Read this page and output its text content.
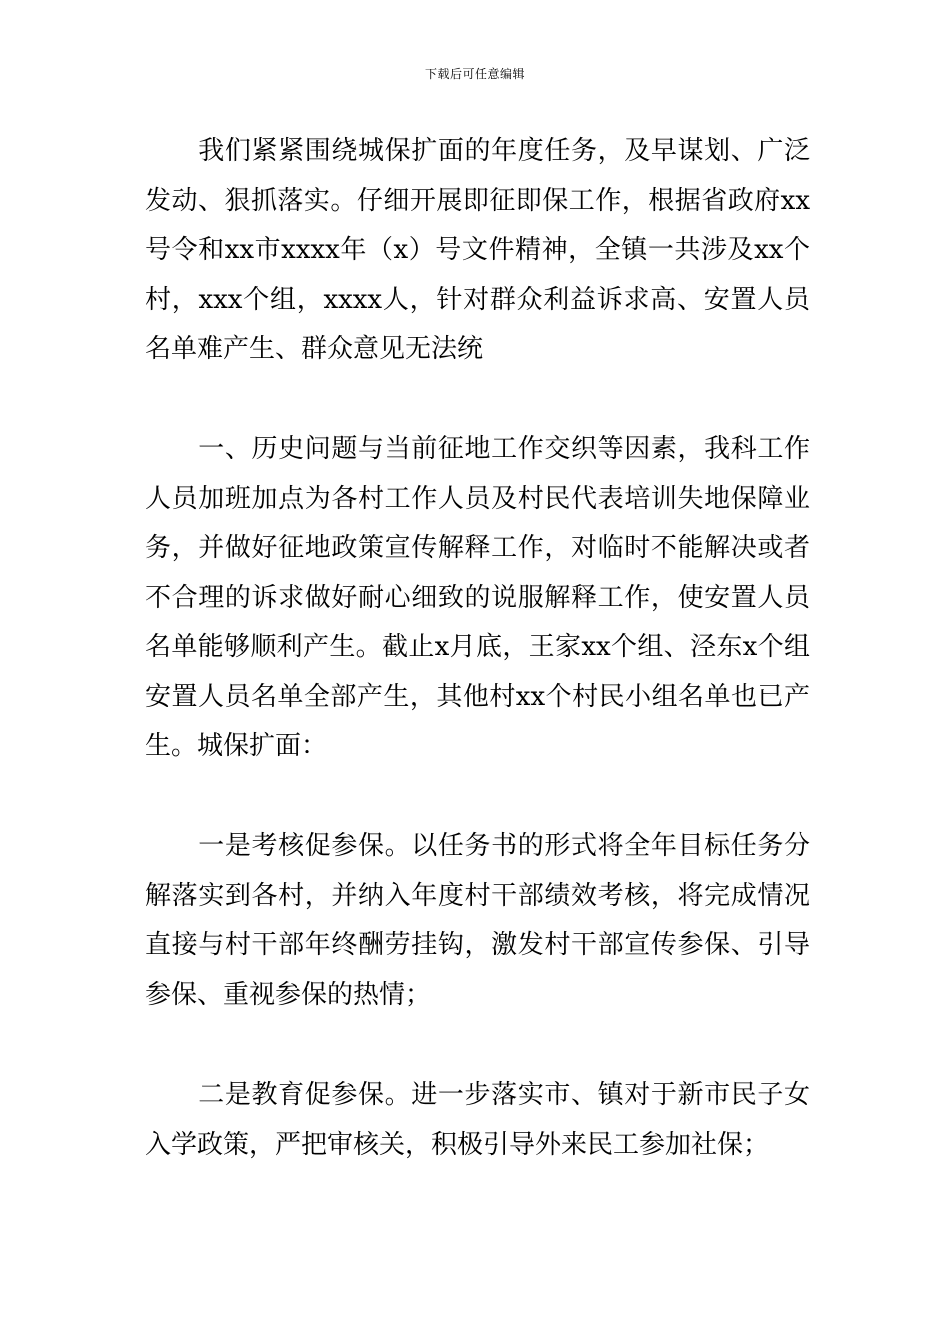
下载后可任意编辑

我们紧紧围绕城保扩面的年度任务，及早谋划、广泛发动、狠抓落实。仔细开展即征即保工作，根据省政府xx号令和xx市xxxx年（x）号文件精神，全镇一共涉及xx个村，xxx个组，xxxx人，针对群众利益诉求高、安置人员名单难产生、群众意见无法统

一、历史问题与当前征地工作交织等因素，我科工作人员加班加点为各村工作人员及村民代表培训失地保障业务，并做好征地政策宣传解释工作，对临时不能解决或者不合理的诉求做好耐心细致的说服解释工作，使安置人员名单能够顺利产生。截止x月底，王家xx个组、泾东x个组安置人员名单全部产生，其他村xx个村民小组名单也已产生。城保扩面：

一是考核促参保。以任务书的形式将全年目标任务分解落实到各村，并纳入年度村干部绩效考核，将完成情况直接与村干部年终酬劳挂钩，激发村干部宣传参保、引导参保、重视参保的热情；

二是教育促参保。进一步落实市、镇对于新市民子女入学政策，严把审核关，积极引导外来民工参加社保；
